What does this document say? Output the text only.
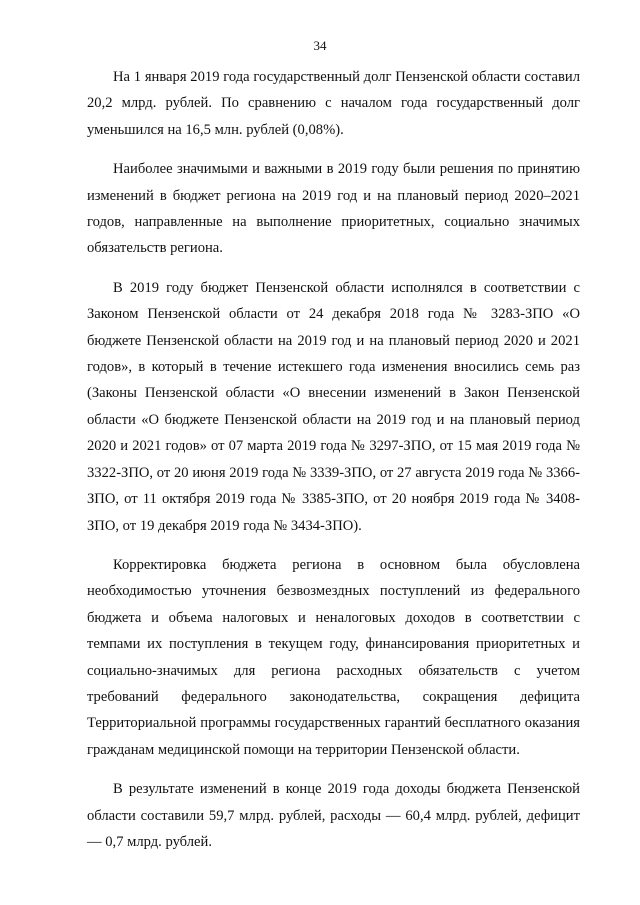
34

На 1 января 2019 года государственный долг Пензенской области составил 20,2 млрд. рублей. По сравнению с началом года государственный долг уменьшился на 16,5 млн. рублей (0,08%).

Наиболее значимыми и важными в 2019 году были решения по принятию изменений в бюджет региона на 2019 год и на плановый период 2020–2021 годов, направленные на выполнение приоритетных, социально значимых обязательств региона.

В 2019 году бюджет Пензенской области исполнялся в соответствии с Законом Пензенской области от 24 декабря 2018 года № 3283-ЗПО «О бюджете Пензенской области на 2019 год и на плановый период 2020 и 2021 годов», в который в течение истекшего года изменения вносились семь раз (Законы Пензенской области «О внесении изменений в Закон Пензенской области «О бюджете Пензенской области на 2019 год и на плановый период 2020 и 2021 годов» от 07 марта 2019 года № 3297-ЗПО, от 15 мая 2019 года № 3322-ЗПО, от 20 июня 2019 года № 3339-ЗПО, от 27 августа 2019 года № 3366-ЗПО, от 11 октября 2019 года № 3385-ЗПО, от 20 ноября 2019 года № 3408-ЗПО, от 19 декабря 2019 года № 3434-ЗПО).

Корректировка бюджета региона в основном была обусловлена необходимостью уточнения безвозмездных поступлений из федерального бюджета и объема налоговых и неналоговых доходов в соответствии с темпами их поступления в текущем году, финансирования приоритетных и социально-значимых для региона расходных обязательств с учетом требований федерального законодательства, сокращения дефицита Территориальной программы государственных гарантий бесплатного оказания гражданам медицинской помощи на территории Пензенской области.

В результате изменений в конце 2019 года доходы бюджета Пензенской области составили 59,7 млрд. рублей, расходы — 60,4 млрд. рублей, дефицит — 0,7 млрд. рублей.
